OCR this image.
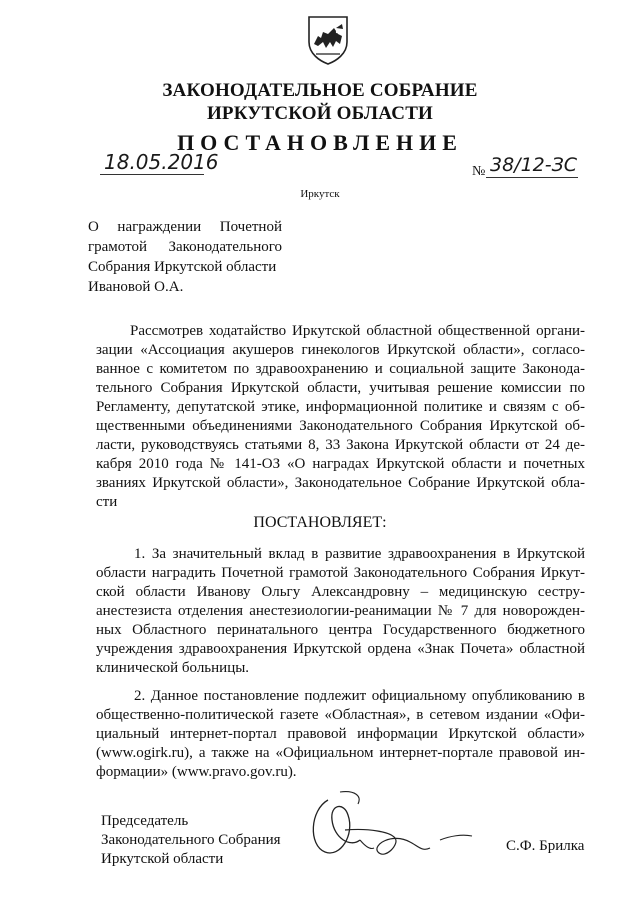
ЗАКОНОДАТЕЛЬНОЕ СОБРАНИЕ
ИРКУТСКОЙ ОБЛАСТИ
ПОСТАНОВЛЕНИЕ
18.05.2016	№ 38/12-ЗС
Иркутск
О награждении Почетной
грамотой Законодательного
Собрания Иркутской области
Ивановой О.А.
Рассмотрев ходатайство Иркутской областной общественной органи-
зации «Ассоциация акушеров гинекологов Иркутской области», согласо-
ванное с комитетом по здравоохранению и социальной защите Законода-
тельного Собрания Иркутской области, учитывая решение комиссии по
Регламенту, депутатской этике, информационной политике и связям с об-
щественными объединениями Законодательного Собрания Иркутской об-
ласти, руководствуясь статьями 8, 33 Закона Иркутской области от 24 де-
кабря 2010 года № 141-ОЗ «О наградах Иркутской области и почетных
званиях Иркутской области», Законодательное Собрание Иркутской обла-
сти
ПОСТАНОВЛЯЕТ:
1. За значительный вклад в развитие здравоохранения в Иркутской
области наградить Почетной грамотой Законодательного Собрания Иркут-
ской области Иванову Ольгу Александровну – медицинскую сестру-
анестезиста отделения анестезиологии-реанимации № 7 для новорожден-
ных Областного перинатального центра Государственного бюджетного
учреждения здравоохранения Иркутской ордена «Знак Почета» областной
клинической больницы.
2. Данное постановление подлежит официальному опубликованию в
общественно-политической газете «Областная», в сетевом издании «Офи-
циальный интернет-портал правовой информации Иркутской области»
(www.ogirk.ru), а также на «Официальном интернет-портале правовой ин-
формации» (www.pravo.gov.ru).
Председатель
Законодательного Собрания
Иркутской области
С.Ф. Брилка
